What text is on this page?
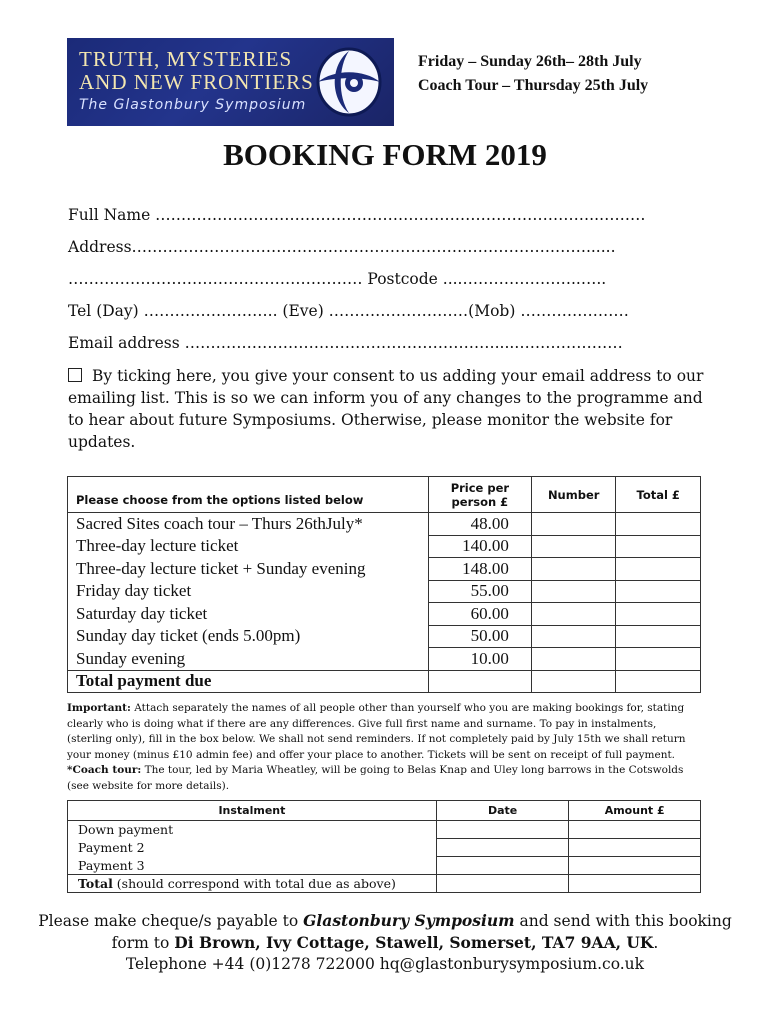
TRUTH, MYSTERIES
AND NEW FRONTIERS
The Glastonbury Symposium
Friday – Sunday 26th– 28th July
Coach Tour – Thursday 25th July
BOOKING FORM 2019
Full Name …………………………………………………………………………..………
Address……………………………………………………………………….……......
………………………………………………… Postcode ....…………………..…..
Tel (Day) …………………….. (Eve) ………………………(Mob) …………………
Email address ……………………………………………………....…………………
By ticking here, you give your consent to us adding your email address to our emailing list. This is so we can inform you of any changes to the programme and to hear about future Symposiums. Otherwise, please monitor the website for updates.
Please choose from the options listed below	Price per person £	Number	Total £
Sacred Sites coach tour – Thurs 26thJuly*	48.00		
Three-day lecture ticket	140.00		
Three-day lecture ticket + Sunday evening	148.00		
Friday day ticket	55.00		
Saturday day ticket	60.00		
Sunday day ticket (ends 5.00pm)	50.00		
Sunday evening	10.00		
Total payment due			
Important: Attach separately the names of all people other than yourself who you are making bookings for, stating clearly who is doing what if there are any differences. Give full first name and surname. To pay in instalments, (sterling only), fill in the box below. We shall not send reminders. If not completely paid by July 15th we shall return your money (minus £10 admin fee) and offer your place to another. Tickets will be sent on receipt of full payment. *Coach tour: The tour, led by Maria Wheatley, will be going to Belas Knap and Uley long barrows in the Cotswolds (see website for more details).
Instalment	Date	Amount £
Down payment		
Payment 2		
Payment 3		
Total (should correspond with total due as above)		
Please make cheque/s payable to Glastonbury Symposium and send with this booking
form to Di Brown, Ivy Cottage, Stawell, Somerset, TA7 9AA, UK.
Telephone +44 (0)1278 722000 hq@glastonburysymposium.co.uk
